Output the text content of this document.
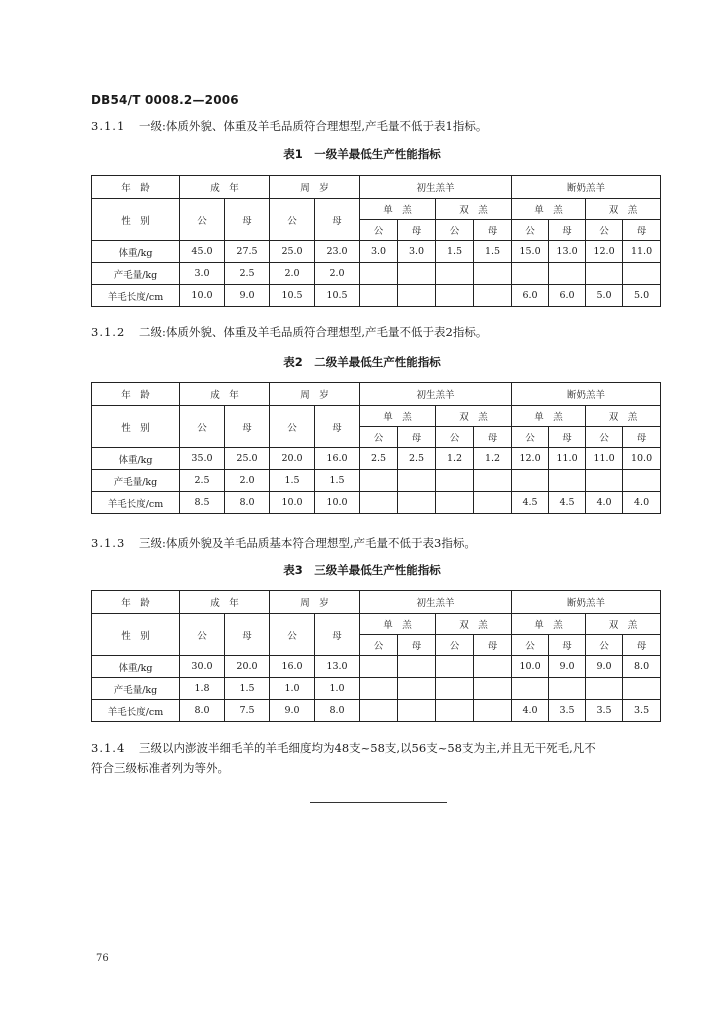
DB54/T 0008.2—2006
3.1.1 一级:体质外貌、体重及羊毛品质符合理想型,产毛量不低于表1指标。
表1　一级羊最低生产性能指标
年　龄	成　年		周　岁		初生羔羊				断奶羔羊			
性　别	公	母	公	母	单　羔		双　羔		单　羔		双　羔	
					公	母	公	母	公	母	公	母
体重/kg	45.0	27.5	25.0	23.0	3.0	3.0	1.5	1.5	15.0	13.0	12.0	11.0
产毛量/kg	3.0	2.5	2.0	2.0								
羊毛长度/cm	10.0	9.0	10.5	10.5					6.0	6.0	5.0	5.0
3.1.2 二级:体质外貌、体重及羊毛品质符合理想型,产毛量不低于表2指标。
表2　二级羊最低生产性能指标
年　龄	成　年		周　岁		初生羔羊				断奶羔羊			
性　别	公	母	公	母	单　羔		双　羔		单　羔		双　羔	
					公	母	公	母	公	母	公	母
体重/kg	35.0	25.0	20.0	16.0	2.5	2.5	1.2	1.2	12.0	11.0	11.0	10.0
产毛量/kg	2.5	2.0	1.5	1.5								
羊毛长度/cm	8.5	8.0	10.0	10.0					4.5	4.5	4.0	4.0
3.1.3 三级:体质外貌及羊毛品质基本符合理想型,产毛量不低于表3指标。
表3　三级羊最低生产性能指标
年　龄	成　年		周　岁		初生羔羊				断奶羔羊			
性　别	公	母	公	母	单　羔		双　羔		单　羔		双　羔	
					公	母	公	母	公	母	公	母
体重/kg	30.0	20.0	16.0	13.0					10.0	9.0	9.0	8.0
产毛量/kg	1.8	1.5	1.0	1.0								
羊毛长度/cm	8.0	7.5	9.0	8.0					4.0	3.5	3.5	3.5
3.1.4 三级以内澎波半细毛羊的羊毛细度均为48支~58支,以56支~58支为主,并且无干死毛,凡不
符合三级标准者列为等外。
76
